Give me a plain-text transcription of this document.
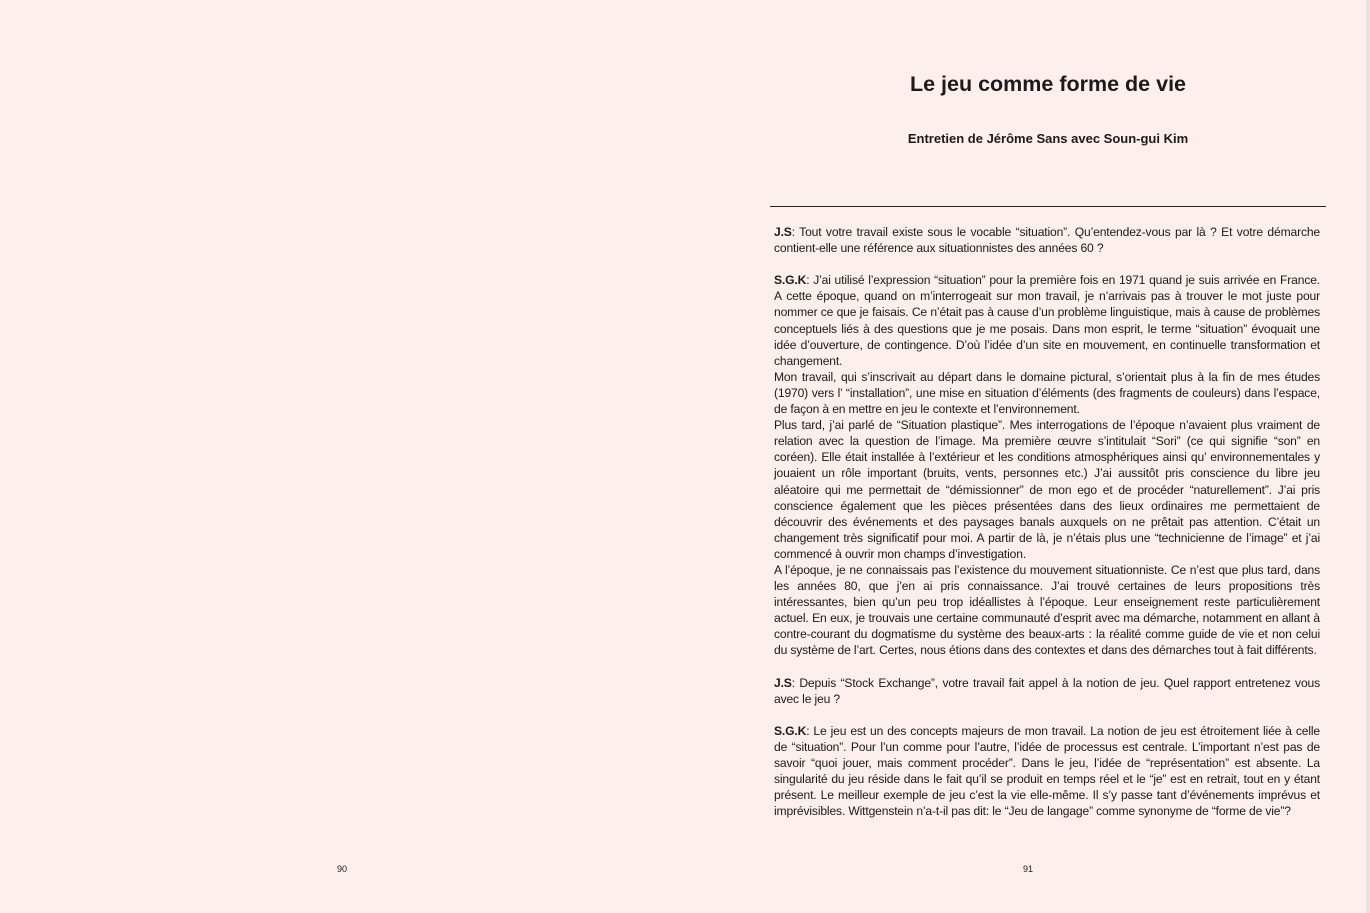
90	91
Le jeu comme forme de vie
Entretien de Jérôme Sans avec Soun-gui Kim

J.S: Tout votre travail existe sous le vocable “situation”. Qu’entendez-vous par là ? Et votre démarche contient-elle une référence aux situationnistes des années 60 ?

S.G.K: J’ai utilisé l’expression “situation” pour la première fois en 1971 quand je suis arrivée en France. A cette époque, quand on m’interrogeait sur mon travail, je n’arrivais pas à trouver le mot juste pour nommer ce que je faisais. Ce n’était pas à cause d’un problème linguistique, mais à cause de problèmes conceptuels liés à des questions que je me posais. Dans mon esprit, le terme “situation” évoquait une idée d’ouverture, de contingence. D’où l’idée d’un site en mouvement, en continuelle transformation et changement.

Mon travail, qui s’inscrivait au départ dans le domaine pictural, s’orientait plus à la fin de mes études (1970) vers l’ “installation”, une mise en situation d’éléments (des fragments de couleurs) dans l’espace, de façon à en mettre en jeu le contexte et l’environnement.

Plus tard, j’ai parlé de “Situation plastique”. Mes interrogations de l’époque n’avaient plus vraiment de relation avec la question de l’image. Ma première œuvre s’intitulait “Sori” (ce qui signifie “son” en coréen). Elle était installée à l’extérieur et les conditions atmosphériques ainsi qu’ environnementales y jouaient un rôle important (bruits, vents, personnes etc.) J’ai aussitôt pris conscience du libre jeu aléatoire qui me permettait de “démissionner” de mon ego et de procéder “naturellement”. J’ai pris conscience également que les pièces présentées dans des lieux ordinaires me permettaient de découvrir des événements et des paysages banals auxquels on ne prêtait pas attention. C’était un changement très significatif pour moi. A partir de là, je n’étais plus une “technicienne de l’image” et j’ai commencé à ouvrir mon champs d’investigation.

A l’époque, je ne connaissais pas l’existence du mouvement situationniste. Ce n’est que plus tard, dans les années 80, que j’en ai pris connaissance. J’ai trouvé certaines de leurs propositions très intéressantes, bien qu’un peu trop idéallistes à l’époque. Leur enseignement reste particulièrement actuel. En eux, je trouvais une certaine communauté d’esprit avec ma démarche, notamment en allant à contre-courant du dogmatisme du système des beaux-arts : la réalité comme guide de vie et non celui du système de l’art. Certes, nous étions dans des contextes et dans des démarches tout à fait différents.

J.S: Depuis “Stock Exchange”, votre travail fait appel à la notion de jeu. Quel rapport entretenez vous avec le jeu ?

S.G.K: Le jeu est un des concepts majeurs de mon travail. La notion de jeu est étroitement liée à celle de “situation”. Pour l’un comme pour l’autre, l’idée de processus est centrale. L’important n’est pas de savoir “quoi jouer, mais comment procéder”. Dans le jeu, l’idée de “représentation” est absente. La singularité du jeu réside dans le fait qu’il se produit en temps réel et le “je” est en retrait, tout en y étant présent. Le meilleur exemple de jeu c’est la vie elle-même. Il s’y passe tant d’événements imprévus et imprévisibles. Wittgenstein n’a-t-il pas dit: le “Jeu de langage” comme synonyme de “forme de vie”?
